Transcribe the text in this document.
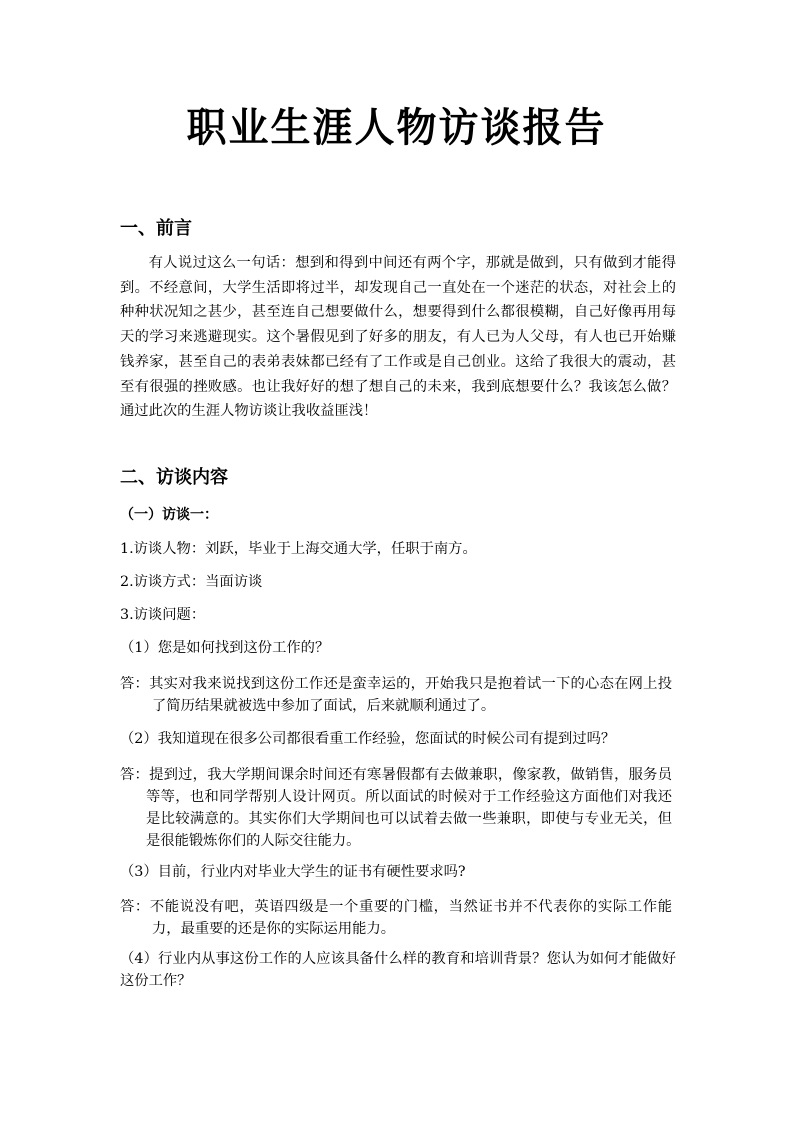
职业生涯人物访谈报告
一、前言

有人说过这么一句话：想到和得到中间还有两个字，那就是做到，只有做到才能得到。不经意间，大学生活即将过半，却发现自己一直处在一个迷茫的状态，对社会上的种种状况知之甚少，甚至连自己想要做什么，想要得到什么都很模糊，自己好像再用每天的学习来逃避现实。这个暑假见到了好多的朋友，有人已为人父母，有人也已开始赚钱养家，甚至自己的表弟表妹都已经有了工作或是自己创业。这给了我很大的震动，甚至有很强的挫败感。也让我好好的想了想自己的未来，我到底想要什么？我该怎么做？通过此次的生涯人物访谈让我收益匪浅！

二、访谈内容
（一）访谈一：

1.访谈人物：刘跃，毕业于上海交通大学，任职于南方。

2.访谈方式：当面访谈

3.访谈问题：

（1）您是如何找到这份工作的？

答：其实对我来说找到这份工作还是蛮幸运的，开始我只是抱着试一下的心态在网上投了简历结果就被选中参加了面试，后来就顺利通过了。

（2）我知道现在很多公司都很看重工作经验，您面试的时候公司有提到过吗？

答：提到过，我大学期间课余时间还有寒暑假都有去做兼职，像家教，做销售，服务员等等，也和同学帮别人设计网页。所以面试的时候对于工作经验这方面他们对我还是比较满意的。其实你们大学期间也可以试着去做一些兼职，即使与专业无关，但是很能锻炼你们的人际交往能力。

（3）目前，行业内对毕业大学生的证书有硬性要求吗?

答：不能说没有吧，英语四级是一个重要的门槛，当然证书并不代表你的实际工作能力，最重要的还是你的实际运用能力。

（4）行业内从事这份工作的人应该具备什么样的教育和培训背景？您认为如何才能做好这份工作？
